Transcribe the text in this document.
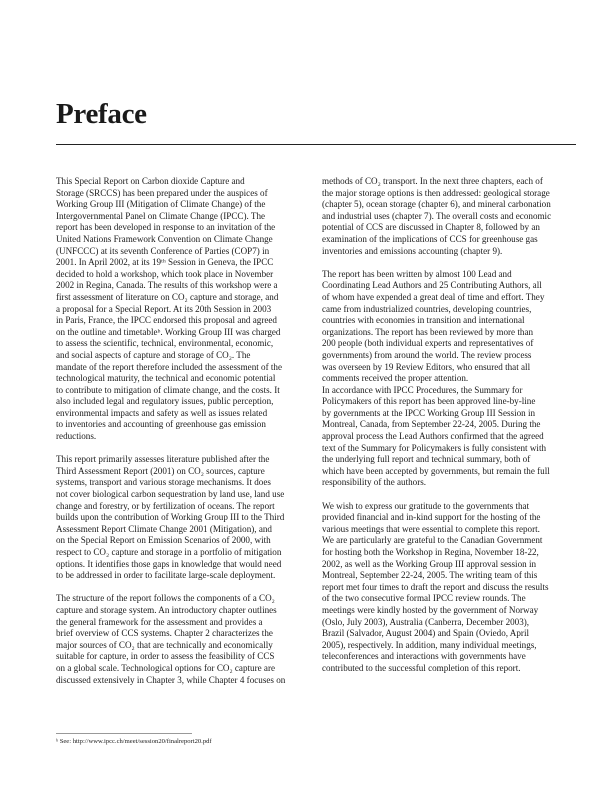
Preface

This Special Report on Carbon dioxide Capture and
Storage (SRCCS) has been prepared under the auspices of
Working Group III (Mitigation of Climate Change) of the
Intergovernmental Panel on Climate Change (IPCC). The
report has been developed in response to an invitation of the
United Nations Framework Convention on Climate Change
(UNFCCC) at its seventh Conference of Parties (COP7) in
2001. In April 2002, at its 19ᵗʰ Session in Geneva, the IPCC
decided to hold a workshop, which took place in November
2002 in Regina, Canada. The results of this workshop were a
first assessment of literature on CO₂ capture and storage, and
a proposal for a Special Report. At its 20th Session in 2003
in Paris, France, the IPCC endorsed this proposal and agreed
on the outline and timetableᵇ. Working Group III was charged
to assess the scientific, technical, environmental, economic,
and social aspects of capture and storage of CO₂. The
mandate of the report therefore included the assessment of the
technological maturity, the technical and economic potential
to contribute to mitigation of climate change, and the costs. It
also included legal and regulatory issues, public perception,
environmental impacts and safety as well as issues related
to inventories and accounting of greenhouse gas emission
reductions.

This report primarily assesses literature published after the
Third Assessment Report (2001) on CO₂ sources, capture
systems, transport and various storage mechanisms. It does
not cover biological carbon sequestration by land use, land use
change and forestry, or by fertilization of oceans. The report
builds upon the contribution of Working Group III to the Third
Assessment Report Climate Change 2001 (Mitigation), and
on the Special Report on Emission Scenarios of 2000, with
respect to CO₂ capture and storage in a portfolio of mitigation
options. It identifies those gaps in knowledge that would need
to be addressed in order to facilitate large-scale deployment.

The structure of the report follows the components of a CO₂
capture and storage system. An introductory chapter outlines
the general framework for the assessment and provides a
brief overview of CCS systems. Chapter 2 characterizes the
major sources of CO₂ that are technically and economically
suitable for capture, in order to assess the feasibility of CCS
on a global scale. Technological options for CO₂ capture are
discussed extensively in Chapter 3, while Chapter 4 focuses on

methods of CO₂ transport. In the next three chapters, each of
the major storage options is then addressed: geological storage
(chapter 5), ocean storage (chapter 6), and mineral carbonation
and industrial uses (chapter 7). The overall costs and economic
potential of CCS are discussed in Chapter 8, followed by an
examination of the implications of CCS for greenhouse gas
inventories and emissions accounting (chapter 9).

The report has been written by almost 100 Lead and
Coordinating Lead Authors and 25 Contributing Authors, all
of whom have expended a great deal of time and effort. They
came from industrialized countries, developing countries,
countries with economies in transition and international
organizations. The report has been reviewed by more than
200 people (both individual experts and representatives of
governments) from around the world. The review process
was overseen by 19 Review Editors, who ensured that all
comments received the proper attention.
In accordance with IPCC Procedures, the Summary for
Policymakers of this report has been approved line-by-line
by governments at the IPCC Working Group III Session in
Montreal, Canada, from September 22-24, 2005. During the
approval process the Lead Authors confirmed that the agreed
text of the Summary for Policymakers is fully consistent with
the underlying full report and technical summary, both of
which have been accepted by governments, but remain the full
responsibility of the authors.

We wish to express our gratitude to the governments that
provided financial and in-kind support for the hosting of the
various meetings that were essential to complete this report.
We are particularly are grateful to the Canadian Government
for hosting both the Workshop in Regina, November 18-22,
2002, as well as the Working Group III approval session in
Montreal, September 22-24, 2005. The writing team of this
report met four times to draft the report and discuss the results
of the two consecutive formal IPCC review rounds. The
meetings were kindly hosted by the government of Norway
(Oslo, July 2003), Australia (Canberra, December 2003),
Brazil (Salvador, August 2004) and Spain (Oviedo, April
2005), respectively. In addition, many individual meetings,
teleconferences and interactions with governments have
contributed to the successful completion of this report.

ᵇ See: http://www.ipcc.ch/meet/session20/finalreport20.pdf
